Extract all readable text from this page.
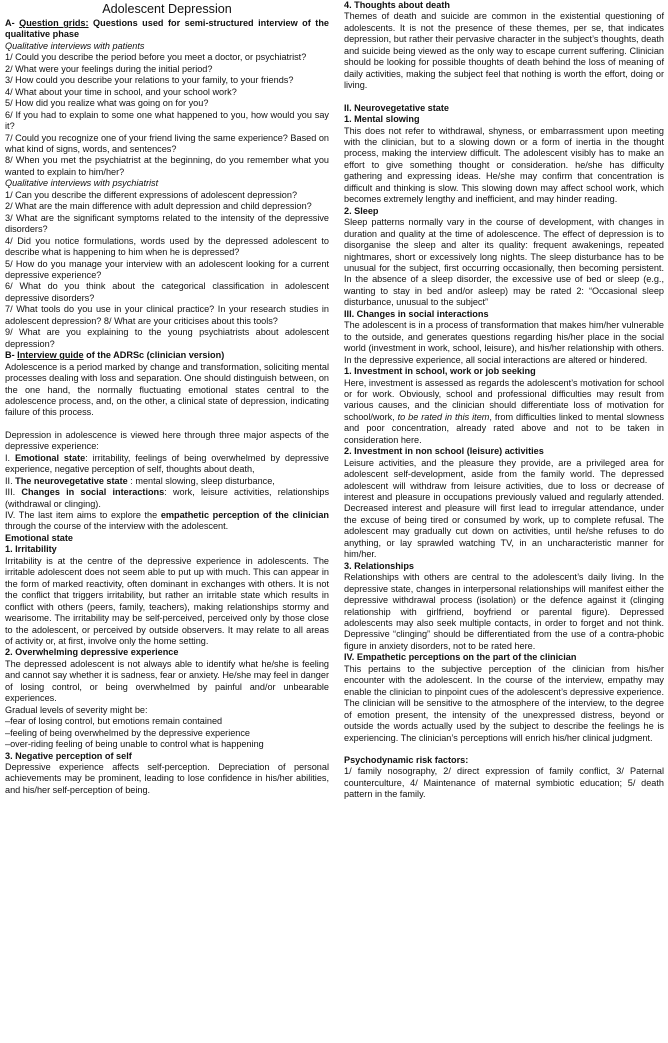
Adolescent Depression

A- Question grids: Questions used for semi-structured interview of the qualitative phase

Qualitative interviews with patients

1/ Could you describe the period before you meet a doctor, or psychiatrist?

2/ What were your feelings during the initial period?

3/ How could you describe your relations to your family, to your friends?

4/ What about your time in school, and your school work?

5/ How did you realize what was going on for you?

6/ If you had to explain to some one what happened to you, how would you say it?

7/ Could you recognize one of your friend living the same experience? Based on what kind of signs, words, and sentences?

8/ When you met the psychiatrist at the beginning, do you remember what you wanted to explain to him/her?

Qualitative interviews with psychiatrist

1/ Can you describe the different expressions of adolescent depression?

2/ What are the main difference with adult depression and child depression?

3/ What are the significant symptoms related to the intensity of the depressive disorders?

4/ Did you notice formulations, words used by the depressed adolescent to describe what is happening to him when he is depressed?

5/ How do you manage your interview with an adolescent looking for a current depressive experience?

6/ What do you think about the categorical classification in adolescent depressive disorders?

7/ What tools do you use in your clinical practice? In your research studies in adolescent depression? 8/ What are your criticises about this tools?

9/ What are you explaining to the young psychiatrists about adolescent depression?

B- Interview guide of the ADRSc (clinician version)

Adolescence is a period marked by change and transformation, soliciting mental processes dealing with loss and separation. One should distinguish between, on the one hand, the normally fluctuating emotional states central to the adolescence process, and, on the other, a clinical state of depression, indicating failure of this process.

Depression in adolescence is viewed here through three major aspects of the depressive experience:

I. Emotional state: irritability, feelings of being overwhelmed by depressive experience, negative perception of self, thoughts about death,

II. The neurovegetative state : mental slowing, sleep disturbance,

III. Changes in social interactions: work, leisure activities, relationships (withdrawal or clinging).

IV. The last item aims to explore the empathetic perception of the clinician through the course of the interview with the adolescent.

Emotional state

1. Irritability

Irritability is at the centre of the depressive experience in adolescents. The irritable adolescent does not seem able to put up with much. This can appear in the form of marked reactivity, often dominant in exchanges with others. It is not the conflict that triggers irritability, but rather an irritable state which results in conflict with others (peers, family, teachers), making relationships stormy and wearisome. The irritability may be self-perceived, perceived only by those close to the adolescent, or perceived by outside observers. It may relate to all areas of activity or, at first, involve only the home setting.

2. Overwhelming depressive experience

The depressed adolescent is not always able to identify what he/she is feeling and cannot say whether it is sadness, fear or anxiety. He/she may feel in danger of losing control, or being overwhelmed by painful and/or unbearable experiences.

Gradual levels of severity might be:

–fear of losing control, but emotions remain contained

–feeling of being overwhelmed by the depressive experience

–over-riding feeling of being unable to control what is happening

3. Negative perception of self

Depressive experience affects self-perception. Depreciation of personal achievements may be prominent, leading to lose confidence in his/her abilities, and his/her self-perception of being.

4. Thoughts about death

Themes of death and suicide are common in the existential questioning of adolescents. It is not the presence of these themes, per se, that indicates depression, but rather their pervasive character in the subject’s thoughts, death and suicide being viewed as the only way to escape current suffering. Clinician should be looking for possible thoughts of death behind the loss of meaning of daily activities, making the subject feel that nothing is worth the effort, doing or living.

II. Neurovegetative state

1. Mental slowing

This does not refer to withdrawal, shyness, or embarrassment upon meeting with the clinician, but to a slowing down or a form of inertia in the thought process, making the interview difficult. The adolescent visibly has to make an effort to give something thought or consideration. he/she has difficulty gathering and expressing ideas. He/she may confirm that concentration is difficult and thinking is slow. This slowing down may affect school work, which becomes extremely lengthy and inefficient, and may hinder reading.

2. Sleep

Sleep patterns normally vary in the course of development, with changes in duration and quality at the time of adolescence. The effect of depression is to disorganise the sleep and alter its quality: frequent awakenings, repeated nightmares, short or excessively long nights. The sleep disturbance has to be unusual for the subject, first occurring occasionally, then becoming persistent. In the absence of a sleep disorder, the excessive use of bed or sleep (e.g., wanting to stay in bed and/or asleep) may be rated 2: “Occasional sleep disturbance, unusual to the subject”

III. Changes in social interactions

The adolescent is in a process of transformation that makes him/her vulnerable to the outside, and generates questions regarding his/her place in the social world (investment in work, school, leisure), and his/her relationship with others. In the depressive experience, all social interactions are altered or hindered.

1. Investment in school, work or job seeking

Here, investment is assessed as regards the adolescent’s motivation for school or for work. Obviously, school and professional difficulties may result from various causes, and the clinician should differentiate loss of motivation for school/work, to be rated in this item, from difficulties linked to mental slowness and poor concentration, already rated above and not to be taken in consideration here.

2. Investment in non school (leisure) activities

Leisure activities, and the pleasure they provide, are a privileged area for adolescent self-development, aside from the family world. The depressed adolescent will withdraw from leisure activities, due to loss or decrease of interest and pleasure in occupations previously valued and regularly attended. Decreased interest and pleasure will first lead to irregular attendance, under the excuse of being tired or consumed by work, up to complete refusal. The adolescent may gradually cut down on activities, until he/she refuses to do anything, or lay sprawled watching TV, in an uncharacteristic manner for him/her.

3. Relationships

Relationships with others are central to the adolescent’s daily living. In the depressive state, changes in interpersonal relationships will manifest either the depressive withdrawal process (isolation) or the defence against it (clinging relationship with girlfriend, boyfriend or parental figure). Depressed adolescents may also seek multiple contacts, in order to forget and not think. Depressive “clinging” should be differentiated from the use of a contra-phobic figure in anxiety disorders, not to be rated here.

IV. Empathetic perceptions on the part of the clinician

This pertains to the subjective perception of the clinician from his/her encounter with the adolescent. In the course of the interview, empathy may enable the clinician to pinpoint cues of the adolescent’s depressive experience. The clinician will be sensitive to the atmosphere of the interview, to the degree of emotion present, the intensity of the unexpressed distress, beyond or outside the words actually used by the subject to describe the feelings he is experiencing. The clinician’s perceptions will enrich his/her clinical judgment.

Psychodynamic risk factors:

1/ family nosography, 2/ direct expression of family conflict, 3/ Paternal counterculture, 4/ Maintenance of maternal symbiotic education; 5/ death pattern in the family.
